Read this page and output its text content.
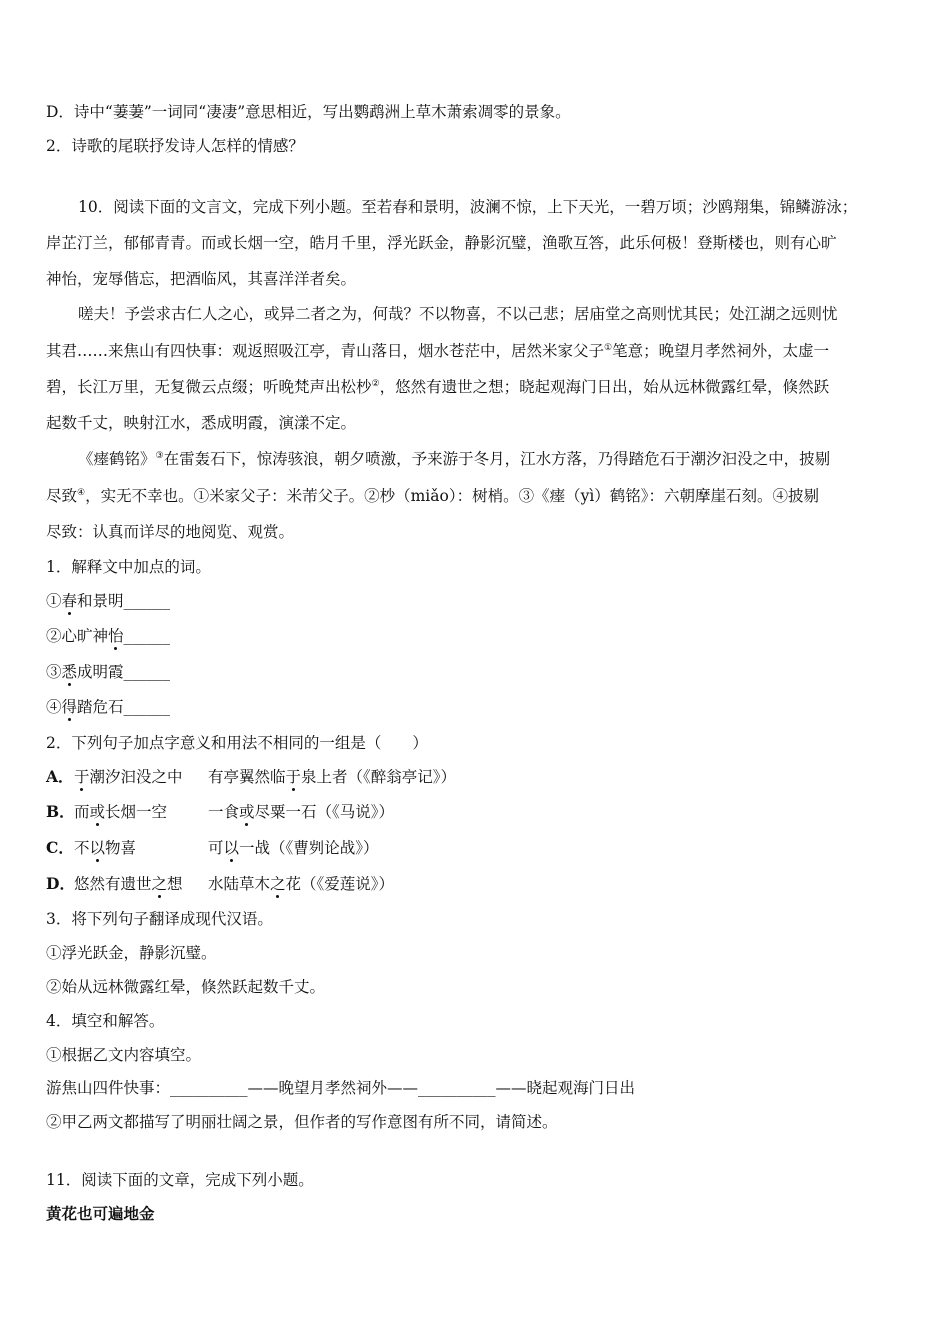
D．诗中“萋萋”一词同“凄凄”意思相近，写出鹦鹉洲上草木萧索凋零的景象。
2．诗歌的尾联抒发诗人怎样的情感？
10．阅读下面的文言文，完成下列小题。至若春和景明，波澜不惊，上下天光，一碧万顷；沙鸥翔集，锦鳞游泳；
岸芷汀兰，郁郁青青。而或长烟一空，皓月千里，浮光跃金，静影沉璧，渔歌互答，此乐何极！登斯楼也，则有心旷
神怡，宠辱偕忘，把酒临风，其喜洋洋者矣。
嗟夫！予尝求古仁人之心，或异二者之为，何哉？不以物喜，不以己悲；居庙堂之高则忧其民；处江湖之远则忧
其君……来焦山有四快事：观返照吸江亭，青山落日，烟水苍茫中，居然米家父子①笔意；晚望月孝然祠外，太虚一
碧，长江万里，无复微云点缀；听晚梵声出松杪②，悠然有遗世之想；晓起观海门日出，始从远林微露红晕，倏然跃
起数千丈，映射江水，悉成明霞，演漾不定。
《瘗鹤铭》③在雷轰石下，惊涛骇浪，朝夕喷激，予来游于冬月，江水方落，乃得踏危石于潮汐汩没之中，披剔
尽致④，实无不幸也。①米家父子：米芾父子。②杪（miǎo）：树梢。③《瘗（yì）鹤铭》：六朝摩崖石刻。④披剔
尽致：认真而详尽的地阅览、观赏。
1．解释文中加点的词。
①春和景明______
②心旷神怡______
③悉成明霞______
④得踏危石______
2．下列句子加点字意义和用法不相同的一组是（　　）
A．于潮汐汩没之中 有亭翼然临于泉上者（《醉翁亭记》）
B．而或长烟一空	一食或尽粟一石（《马说》）
C．不以物喜	可以一战（《曹刿论战》）
D．悠然有遗世之想 水陆草木之花（《爱莲说》）
3．将下列句子翻译成现代汉语。
①浮光跃金，静影沉璧。
②始从远林微露红晕，倏然跃起数千丈。
4．填空和解答。
①根据乙文内容填空。
游焦山四件快事：__________——晚望月孝然祠外——__________——晓起观海门日出
②甲乙两文都描写了明丽壮阔之景，但作者的写作意图有所不同，请简述。
11．阅读下面的文章，完成下列小题。
黄花也可遍地金
